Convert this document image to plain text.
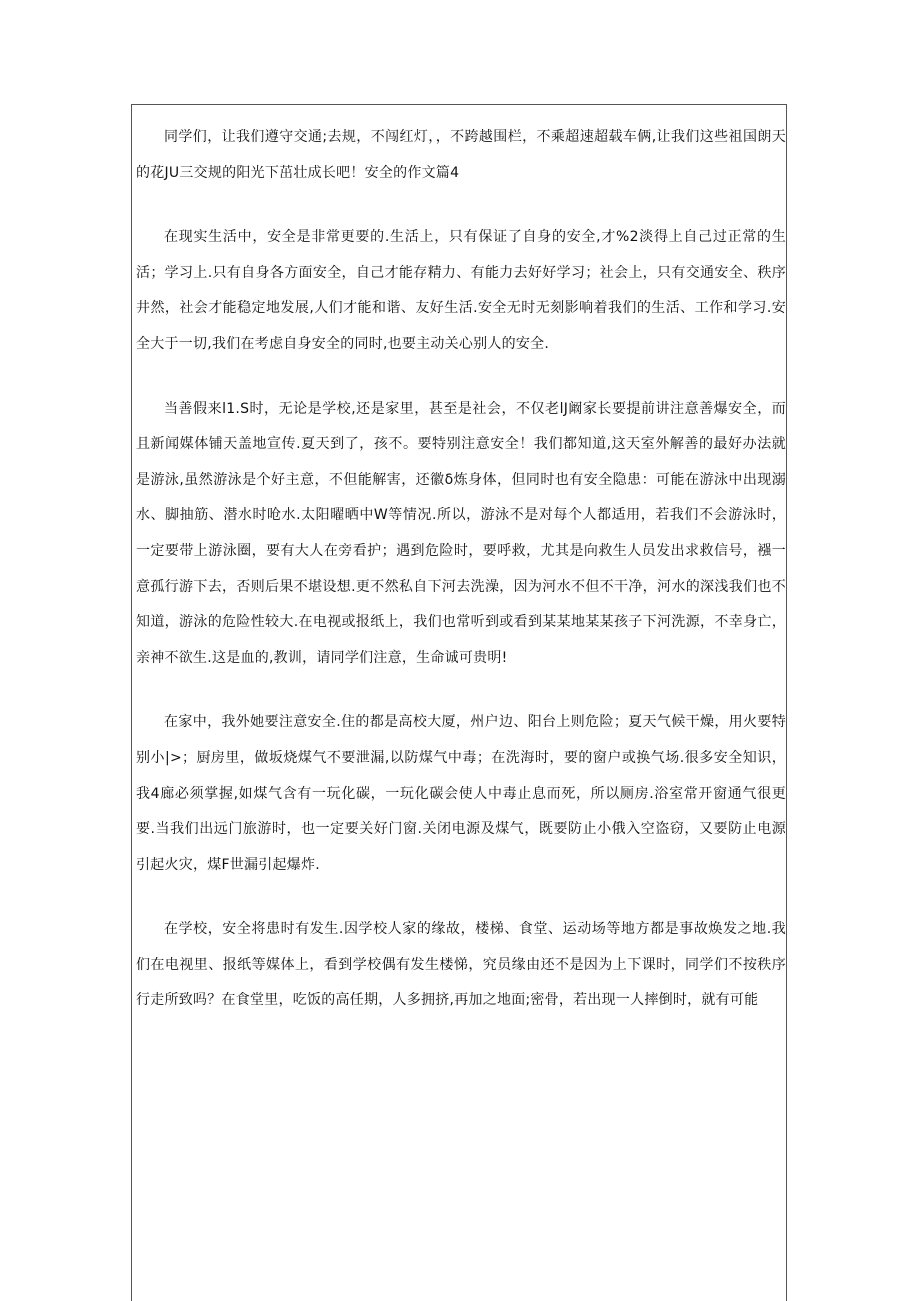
同学们，让我们遵守交通;去规，不闯红灯，，不跨越围栏，不乘超速超载车俩,让我们这些祖国朗天的花JU三交规的阳光下茁壮成长吧！安全的作文篇4

在现实生活中，安全是非常更要的.生活上，只有保证了自身的安全,才%2淡得上自己过正常的生活；学习上.只有自身各方面安全，自己才能存精力、有能力去好好学习；社会上，只有交通安全、秩序井然，社会才能稳定地发展,人们才能和谐、友好生活.安全无时无刻影响着我们的生活、工作和学习.安全大于一切,我们在考虑自身安全的同时,也要主动关心别人的安全.

当善假来l1.S时，无论是学校,还是家里，甚至是社会，不仅老lJ阚家长要提前讲注意善爆安全，而且新闻媒体铺天盖地宣传.夏天到了，孩不。要特别注意安全！我们都知道,这天室外解善的最好办法就是游泳,虽然游泳是个好主意，不但能解害，还徽δ炼身体，但同时也有安全隐患：可能在游泳中出现溺水、脚抽筋、潜水时呛水.太阳曜晒中W等情况.所以，游泳不是对每个人都适用，若我们不会游泳时，一定要带上游泳圈，要有大人在旁看护；遇到危险时，要呼救，尤其是向救生人员发出求救信号，襁一意孤行游下去，否则后果不堪设想.更不然私自下河去洗澡，因为河水不但不干净，河水的深浅我们也不知道，游泳的危险性较大.在电视或报纸上，我们也常听到或看到某某地某某孩子下河洗源，不幸身亡，亲神不欲生.这是血的,教训，请同学们注意，生命诚可贵明!

在家中，我外她要注意安全.住的都是高校大厦，州户边、阳台上则危险；夏天气候干燥，用火要特别小|>；厨房里，做坂烧煤气不要泄漏,以防煤气中毒；在洗海时，要的窗户或换气场.很多安全知识，我4廊必须掌握,如煤气含有一玩化碳，一玩化碳会使人中毒止息而死，所以厕房.浴室常开窗通气很更要.当我们出远门旅游时，也一定要关好门窗.关闭电源及煤气，既要防止小俄入空盗窃，又要防止电源引起火灾，煤F世漏引起爆炸.

在学校，安全将患时有发生.因学校人家的缘故，楼梯、食堂、运动场等地方都是事故焕发之地.我们在电视里、报纸等媒体上，看到学校偶有发生楼悌，究员缘由还不是因为上下课时，同学们不按秩序行走所致吗？在食堂里，吃饭的高任期，人多拥挤,再加之地面;密骨，若出现一人摔倒时，就有可能
